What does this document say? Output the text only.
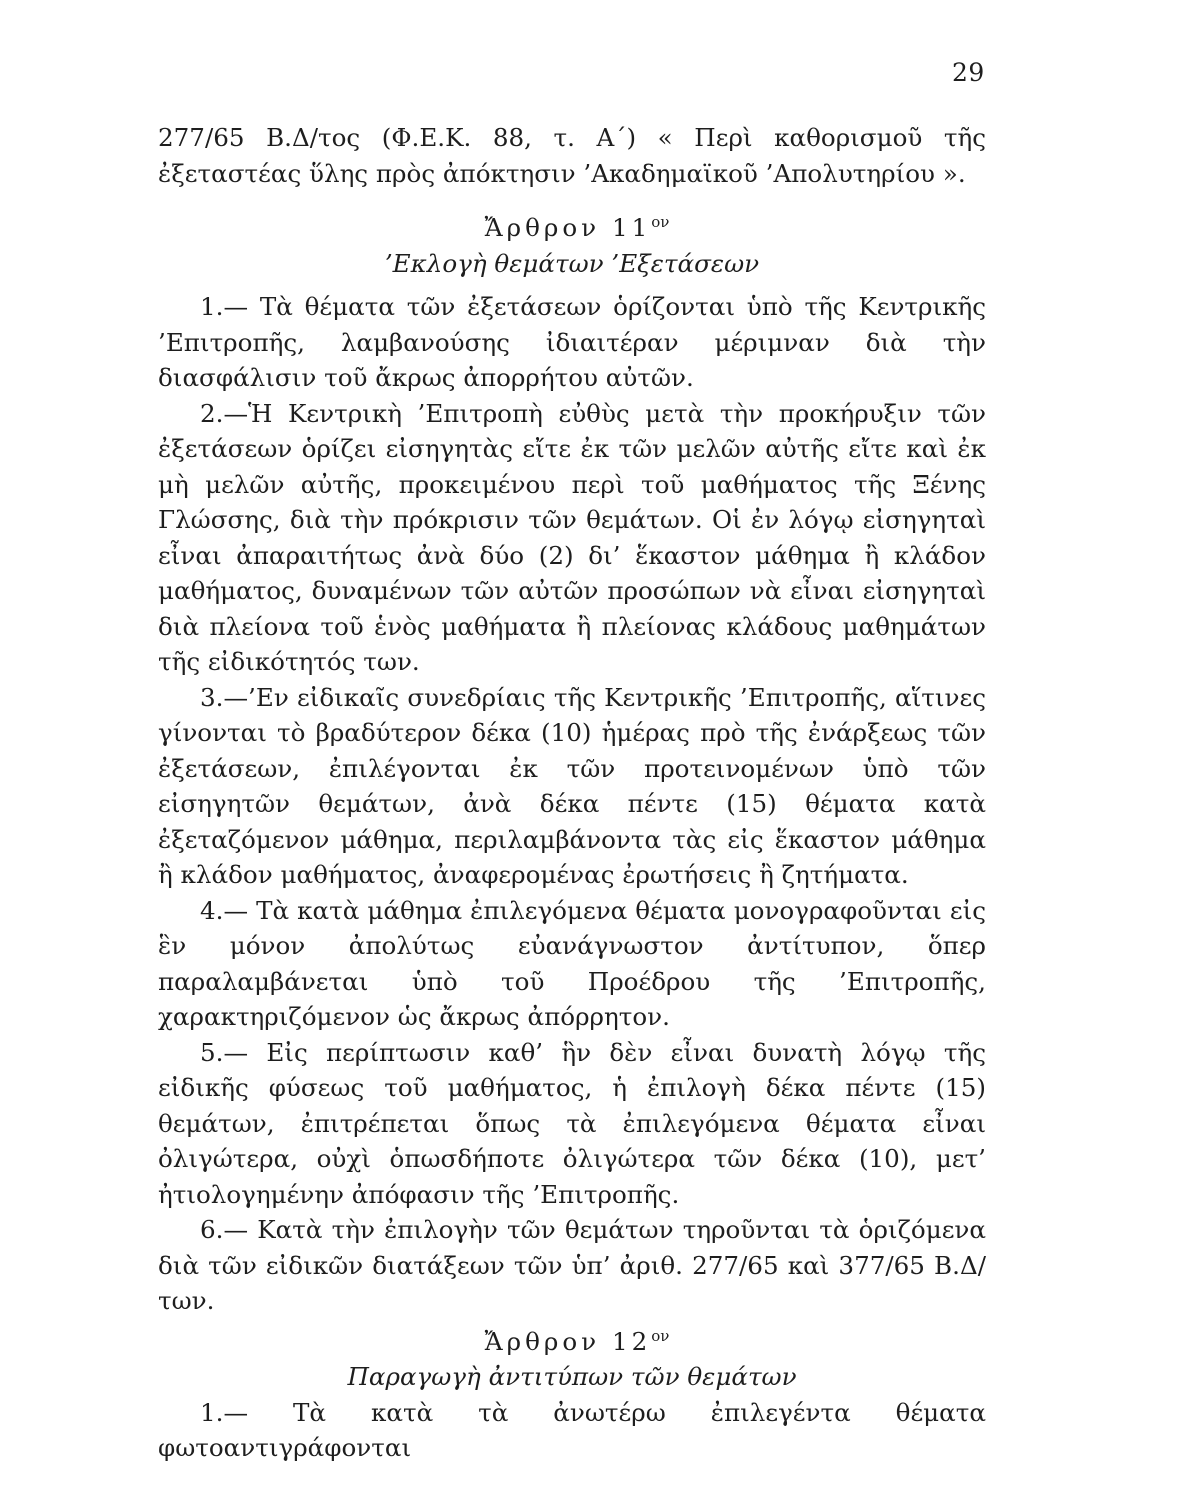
29

277/65 Β.Δ/τος (Φ.Ε.Κ. 88, τ. Α΄) « Περὶ καθορισμοῦ τῆς ἐξεταστέας ὕλης πρὸς ἀπόκτησιν ’Ακαδημαϊκοῦ ’Απολυτηρίου ».

Ἄρθρον $11^{o\nu}$

’Εκλογὴ θεμάτων ’Εξετάσεων

1.— Τὰ θέματα τῶν ἐξετάσεων ὁρίζονται ὑπὸ τῆς Κεντρικῆς ’Επιτροπῆς, λαμβανούσης ἰδιαιτέραν μέριμναν διὰ τὴν διασφάλισιν τοῦ ἄκρως ἀπορρήτου αὐτῶν.

2.—Ἡ Κεντρικὴ ’Επιτροπὴ εὐθὺς μετὰ τὴν προκήρυξιν τῶν ἐξετάσεων ὁρίζει εἰσηγητὰς εἴτε ἐκ τῶν μελῶν αὐτῆς εἴτε καὶ ἐκ μὴ μελῶν αὐτῆς, προκειμένου περὶ τοῦ μαθήματος τῆς Ξένης Γλώσσης, διὰ τὴν πρόκρισιν τῶν θεμάτων. Οἱ ἐν λόγῳ εἰσηγηταὶ εἶναι ἀπαραιτήτως ἀνὰ δύο (2) δι’ ἕκαστον μάθημα ἢ κλάδον μαθήματος, δυναμένων τῶν αὐτῶν προσώπων νὰ εἶναι εἰσηγηταὶ διὰ πλείονα τοῦ ἑνὸς μαθήματα ἢ πλείονας κλάδους μαθημάτων τῆς εἰδικότητός των.

3.—’Εν εἰδικαῖς συνεδρίαις τῆς Κεντρικῆς ’Επιτροπῆς, αἵτινες γίνονται τὸ βραδύτερον δέκα (10) ἡμέρας πρὸ τῆς ἐνάρξεως τῶν ἐξετάσεων, ἐπιλέγονται ἐκ τῶν προτεινομένων ὑπὸ τῶν εἰσηγητῶν θεμάτων, ἀνὰ δέκα πέντε (15) θέματα κατὰ ἐξεταζόμενον μάθημα, περιλαμβάνοντα τὰς εἰς ἕκαστον μάθημα ἢ κλάδον μαθήματος, ἀναφερομένας ἐρωτήσεις ἢ ζητήματα.

4.— Τὰ κατὰ μάθημα ἐπιλεγόμενα θέματα μονογραφοῦνται εἰς ἓν μόνον ἀπολύτως εὐανάγνωστον ἀντίτυπον, ὅπερ παραλαμβάνεται ὑπὸ τοῦ Προέδρου τῆς ’Επιτροπῆς, χαρακτηριζόμενον ὡς ἄκρως ἀπόρρητον.

5.— Εἰς περίπτωσιν καθ’ ἣν δὲν εἶναι δυνατὴ λόγῳ τῆς εἰδικῆς φύσεως τοῦ μαθήματος, ἡ ἐπιλογὴ δέκα πέντε (15) θεμάτων, ἐπιτρέπεται ὅπως τὰ ἐπιλεγόμενα θέματα εἶναι ὀλιγώτερα, οὐχὶ ὁπωσδήποτε ὀλιγώτερα τῶν δέκα (10), μετ’ ἠτιολογημένην ἀπόφασιν τῆς ’Επιτροπῆς.

6.— Κατὰ τὴν ἐπιλογὴν τῶν θεμάτων τηροῦνται τὰ ὁριζόμενα διὰ τῶν εἰδικῶν διατάξεων τῶν ὑπ’ ἀριθ. 277/65 καὶ 377/65 Β.Δ/των.

Ἄρθρον $12^{o\nu}$

Παραγωγὴ ἀντιτύπων τῶν θεμάτων

1.— Τὰ κατὰ τὰ ἀνωτέρω ἐπιλεγέντα θέματα φωτοαντιγράφονται
